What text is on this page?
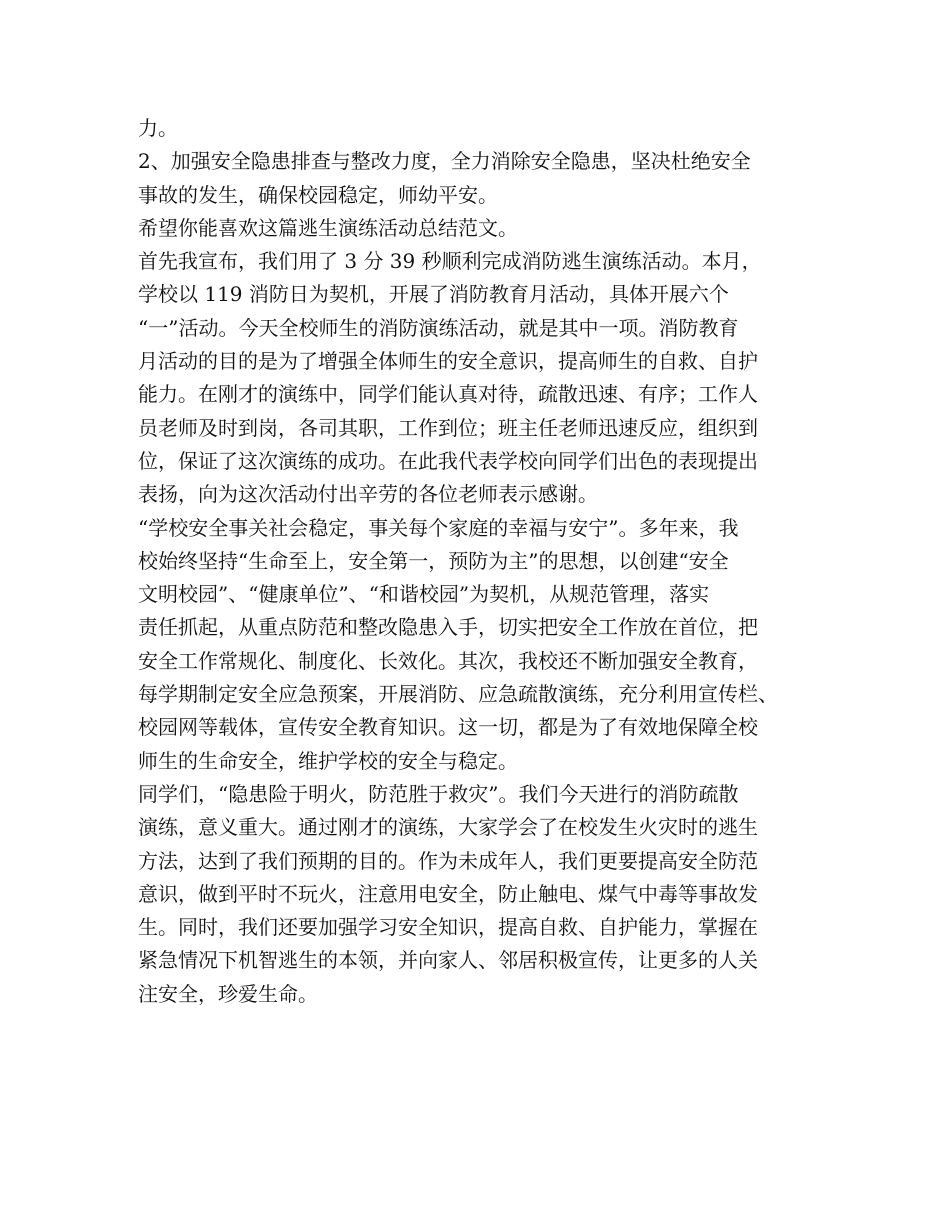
力。
2、加强安全隐患排查与整改力度，全力消除安全隐患，坚决杜绝安全
事故的发生，确保校园稳定，师幼平安。
希望你能喜欢这篇逃生演练活动总结范文。
首先我宣布，我们用了 3 分 39 秒顺利完成消防逃生演练活动。本月，
学校以 119 消防日为契机，开展了消防教育月活动，具体开展六个
“一”活动。今天全校师生的消防演练活动，就是其中一项。消防教育
月活动的目的是为了增强全体师生的安全意识，提高师生的自救、自护
能力。在刚才的演练中，同学们能认真对待，疏散迅速、有序；工作人
员老师及时到岗，各司其职，工作到位；班主任老师迅速反应，组织到
位，保证了这次演练的成功。在此我代表学校向同学们出色的表现提出
表扬，向为这次活动付出辛劳的各位老师表示感谢。
“学校安全事关社会稳定，事关每个家庭的幸福与安宁”。多年来，我
校始终坚持“生命至上，安全第一，预防为主”的思想，以创建“安全
文明校园”、“健康单位”、“和谐校园”为契机，从规范管理，落实
责任抓起，从重点防范和整改隐患入手，切实把安全工作放在首位，把
安全工作常规化、制度化、长效化。其次，我校还不断加强安全教育，
每学期制定安全应急预案，开展消防、应急疏散演练，充分利用宣传栏、
校园网等载体，宣传安全教育知识。这一切，都是为了有效地保障全校
师生的生命安全，维护学校的安全与稳定。
同学们，“隐患险于明火，防范胜于救灾”。我们今天进行的消防疏散
演练，意义重大。通过刚才的演练，大家学会了在校发生火灾时的逃生
方法，达到了我们预期的目的。作为未成年人，我们更要提高安全防范
意识，做到平时不玩火，注意用电安全，防止触电、煤气中毒等事故发
生。同时，我们还要加强学习安全知识，提高自救、自护能力，掌握在
紧急情况下机智逃生的本领，并向家人、邻居积极宣传，让更多的人关
注安全，珍爱生命。
